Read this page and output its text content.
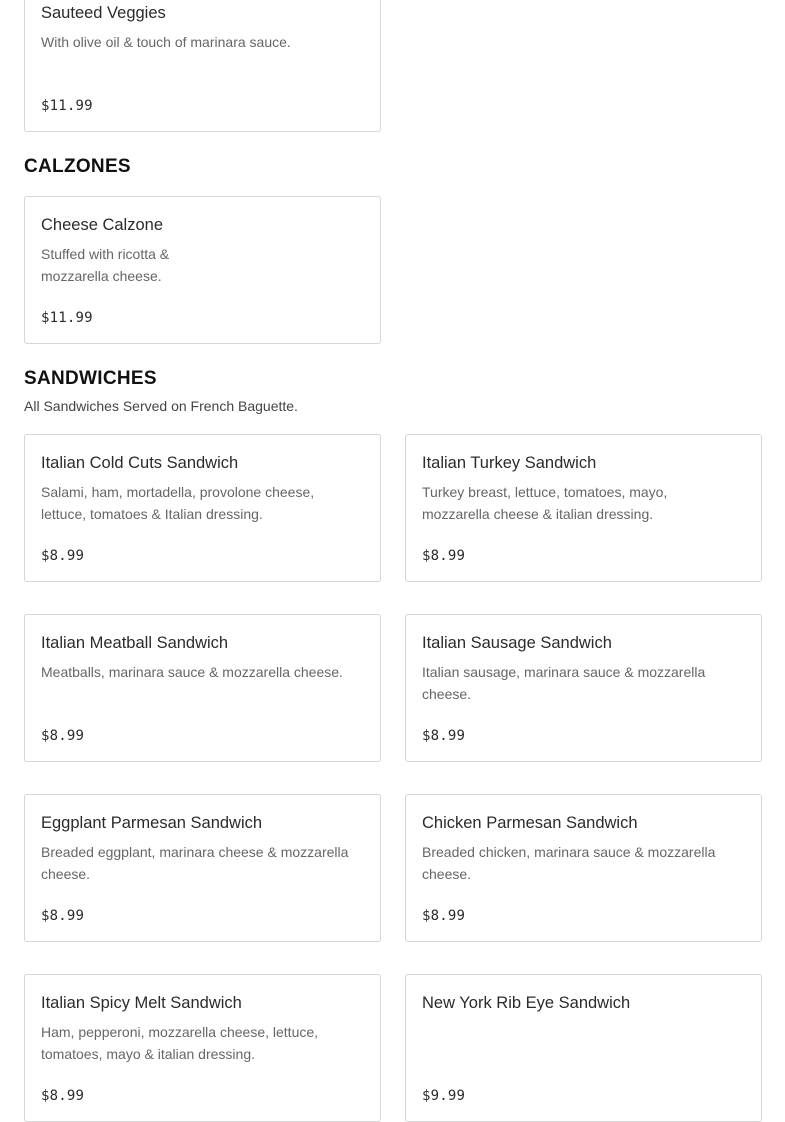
Sauteed Veggies
With olive oil & touch of marinara sauce.
$11.99
CALZONES
Cheese Calzone
Stuffed with ricotta & mozzarella cheese.
$11.99
SANDWICHES
All Sandwiches Served on French Baguette.
Italian Cold Cuts Sandwich
Salami, ham, mortadella, provolone cheese, lettuce, tomatoes & Italian dressing.
$8.99
Italian Turkey Sandwich
Turkey breast, lettuce, tomatoes, mayo, mozzarella cheese & italian dressing.
$8.99
Italian Meatball Sandwich
Meatballs, marinara sauce & mozzarella cheese.
$8.99
Italian Sausage Sandwich
Italian sausage, marinara sauce & mozzarella cheese.
$8.99
Eggplant Parmesan Sandwich
Breaded eggplant, marinara cheese & mozzarella cheese.
$8.99
Chicken Parmesan Sandwich
Breaded chicken, marinara sauce & mozzarella cheese.
$8.99
Italian Spicy Melt Sandwich
Ham, pepperoni, mozzarella cheese, lettuce, tomatoes, mayo & italian dressing.
$8.99
New York Rib Eye Sandwich
$9.99
